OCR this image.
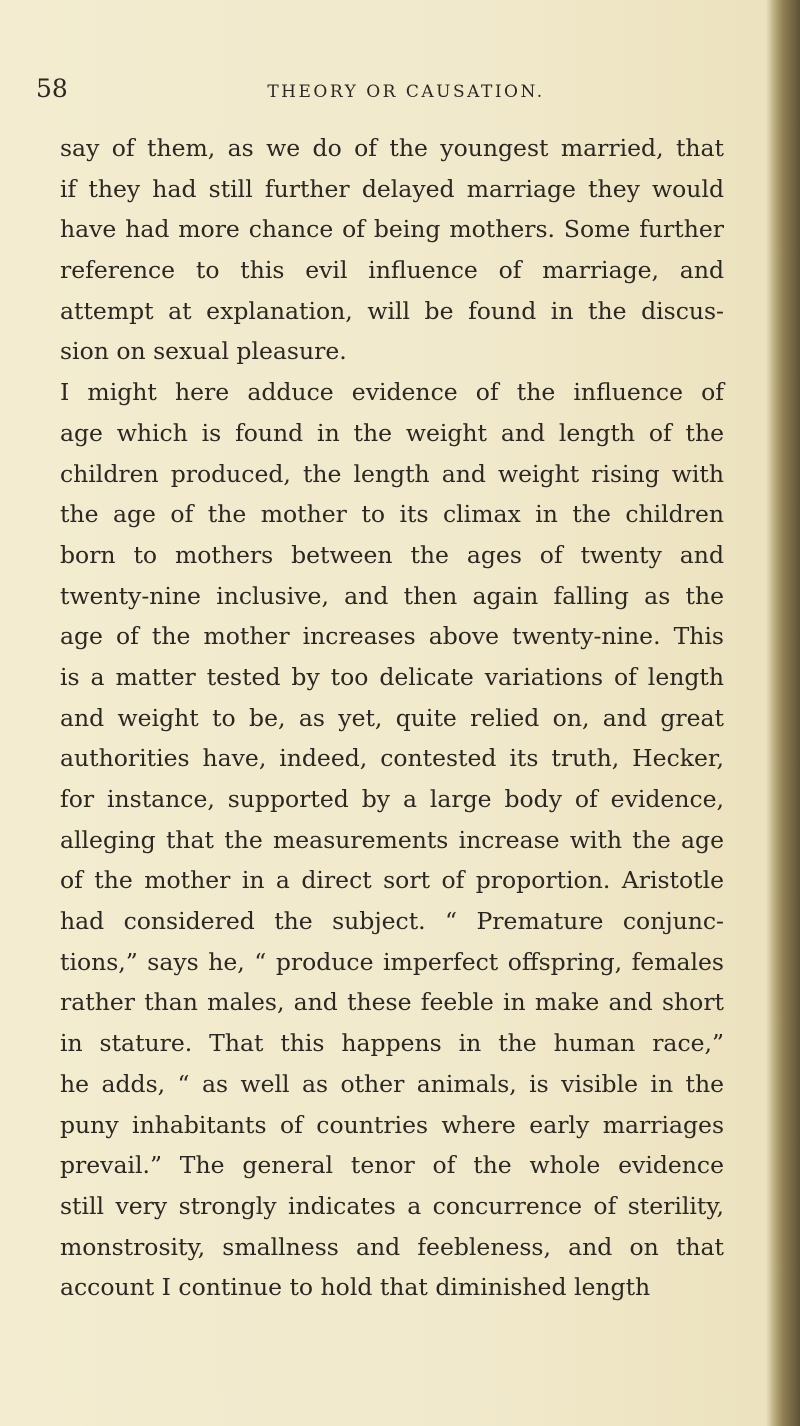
58	THEORY OR CAUSATION.
say of them, as we do of the youngest married, that
if they had still further delayed marriage they would
have had more chance of being mothers. Some further
reference to this evil influence of marriage, and
attempt at explanation, will be found in the discus-
sion on sexual pleasure.
I might here adduce evidence of the influence of
age which is found in the weight and length of the
children produced, the length and weight rising with
the age of the mother to its climax in the children
born to mothers between the ages of twenty and
twenty-nine inclusive, and then again falling as the
age of the mother increases above twenty-nine. This
is a matter tested by too delicate variations of length
and weight to be, as yet, quite relied on, and great
authorities have, indeed, contested its truth, Hecker,
for instance, supported by a large body of evidence,
alleging that the measurements increase with the age
of the mother in a direct sort of proportion. Aristotle
had considered the subject. “ Premature conjunc-
tions,” says he, “ produce imperfect offspring, females
rather than males, and these feeble in make and short
in stature. That this happens in the human race,”
he adds, “ as well as other animals, is visible in the
puny inhabitants of countries where early marriages
prevail.” The general tenor of the whole evidence
still very strongly indicates a concurrence of sterility,
monstrosity, smallness and feebleness, and on that
account I continue to hold that diminished length
